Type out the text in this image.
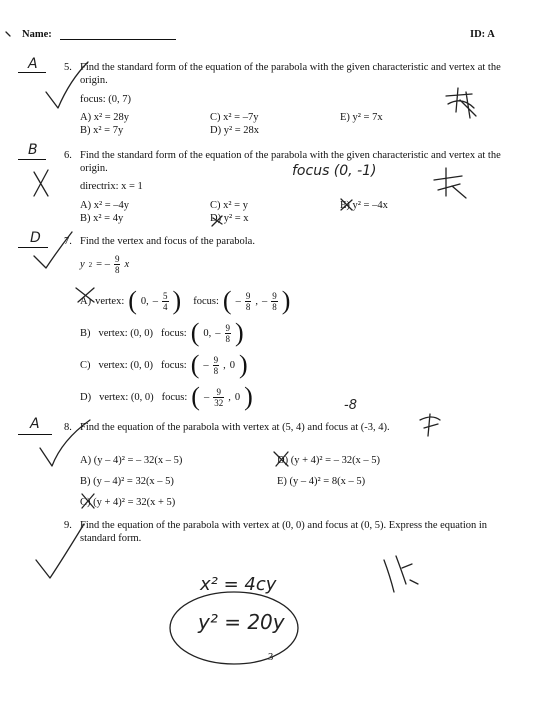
Name:	ID: A
A	5. Find the standard form of the equation of the parabola with the given characteristic and vertex at the origin.
focus: (0, 7)
A) x² = 28y
B) x² = 7y
C) x² = –7y
D) y² = 28x
E) y² = 7x
B	6. Find the standard form of the equation of the parabola with the given characteristic and vertex at the origin.
directrix: x = 1
focus (0, -1)
A) x² = –4y
B) x² = 4y
C) x² = y
D) y² = x
E) y² = –4x
D 7. Find the vertex and focus of the parabola.
y 2 = – $\frac{9}{8}$ x
A) vertex: ( 0, – $\frac{5}{4}$ ) focus: ( – $\frac{9}{8}$ , – $\frac{9}{8}$ )
B) vertex: (0, 0) focus: ( 0, – $\frac{9}{8}$ )
C) vertex: (0, 0) focus: ( – $\frac{9}{8}$ , 0 )
D) vertex: (0, 0) focus: ( – $\frac{9}{32}$ , 0 )
A 8. Find the equation of the parabola with vertex at (5, 4) and focus at (-3, 4).
-8
A) (y – 4)² = – 32(x – 5)
B) (y – 4)² = 32(x – 5)
C) (y + 4)² = 32(x + 5)
D) (y + 4)² = – 32(x – 5)
E) (y – 4)² = 8(x – 5)
9. Find the equation of the parabola with vertex at (0, 0) and focus at (0, 5). Express the equation in standard form.
x² = 4cy
y² = 20y
3
